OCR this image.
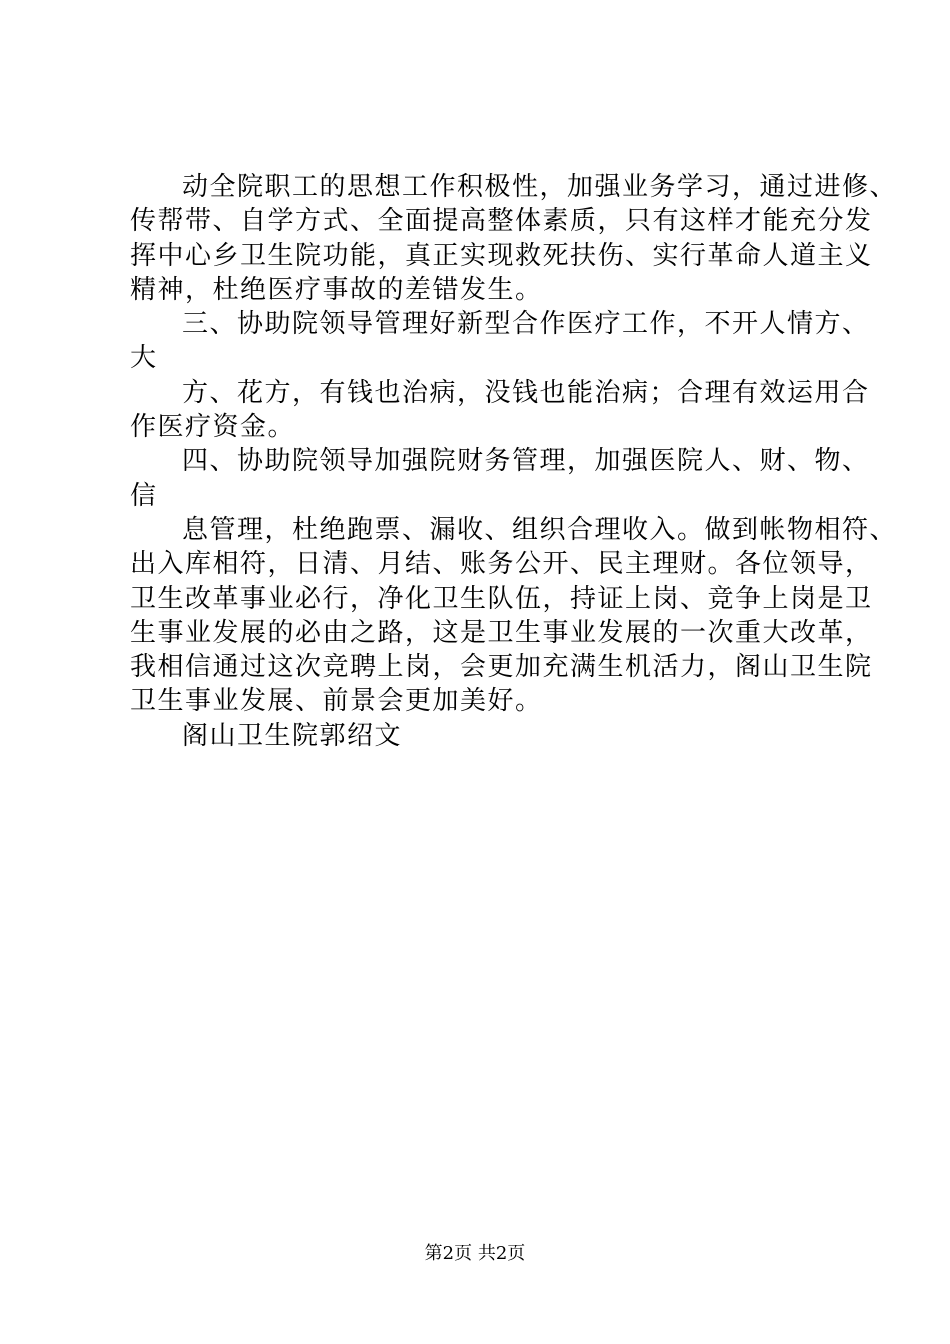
动全院职工的思想工作积极性，加强业务学习，通过进修、
传帮带、自学方式、全面提高整体素质，只有这样才能充分发
挥中心乡卫生院功能，真正实现救死扶伤、实行革命人道主义
精神，杜绝医疗事故的差错发生。
三、协助院领导管理好新型合作医疗工作，不开人情方、
大
方、花方，有钱也治病，没钱也能治病；合理有效运用合
作医疗资金。
四、协助院领导加强院财务管理，加强医院人、财、物、
信
息管理，杜绝跑票、漏收、组织合理收入。做到帐物相符、
出入库相符，日清、月结、账务公开、民主理财。各位领导，
卫生改革事业必行，净化卫生队伍，持证上岗、竞争上岗是卫
生事业发展的必由之路，这是卫生事业发展的一次重大改革，
我相信通过这次竞聘上岗，会更加充满生机活力，阁山卫生院
卫生事业发展、前景会更加美好。
阁山卫生院郭绍文
第2页 共2页
